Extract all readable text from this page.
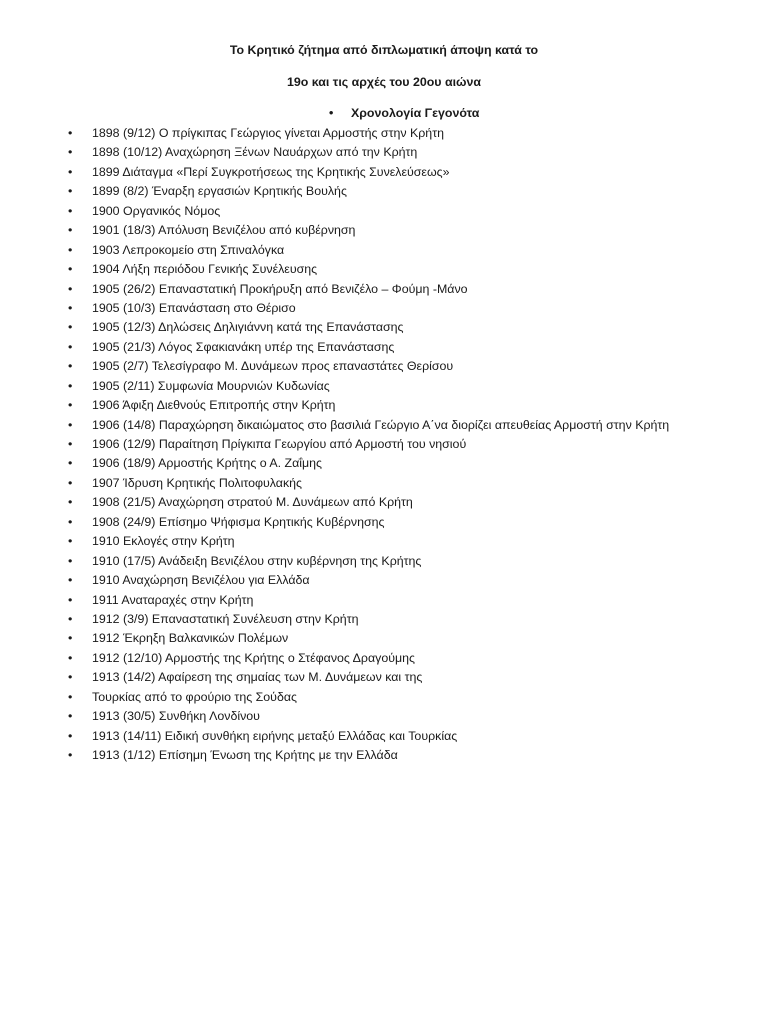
Το Κρητικό ζήτημα από διπλωματική άποψη κατά το
19ο και τις αρχές του 20ου αιώνα
• Χρονολογία Γεγονότα
• 1898 (9/12) Ο πρίγκιπας Γεώργιος γίνεται Αρμοστής στην Κρήτη
• 1898 (10/12) Αναχώρηση Ξένων Ναυάρχων από την Κρήτη
• 1899 Διάταγμα «Περί Συγκροτήσεως της Κρητικής Συνελεύσεως»
• 1899 (8/2) Έναρξη εργασιών Κρητικής Βουλής
• 1900 Οργανικός Νόμος
• 1901 (18/3) Απόλυση Βενιζέλου από κυβέρνηση
• 1903 Λεπροκομείο στη Σπιναλόγκα
• 1904 Λήξη περιόδου Γενικής Συνέλευσης
• 1905 (26/2) Επαναστατική Προκήρυξη από Βενιζέλο – Φούμη -Μάνο
• 1905 (10/3) Επανάσταση στο Θέρισο
• 1905 (12/3) Δηλώσεις Δηλιγιάννη κατά της Επανάστασης
• 1905 (21/3) Λόγος Σφακιανάκη υπέρ της Επανάστασης
• 1905 (2/7) Τελεσίγραφο Μ. Δυνάμεων προς επαναστάτες Θερίσου
• 1905 (2/11) Συμφωνία Μουρνιών Κυδωνίας
• 1906 Άφιξη Διεθνούς Επιτροπής στην Κρήτη
• 1906 (14/8) Παραχώρηση δικαιώματος στο βασιλιά Γεώργιο Α΄να διορίζει απευθείας Αρμοστή στην Κρήτη
• 1906 (12/9) Παραίτηση Πρίγκιπα Γεωργίου από Αρμοστή του νησιού
• 1906 (18/9) Αρμοστής Κρήτης ο Α. Ζαΐμης
• 1907 Ίδρυση Κρητικής Πολιτοφυλακής
• 1908 (21/5) Αναχώρηση στρατού Μ. Δυνάμεων από Κρήτη
• 1908 (24/9) Επίσημο Ψήφισμα Κρητικής Κυβέρνησης
• 1910 Εκλογές στην Κρήτη
• 1910 (17/5) Ανάδειξη Βενιζέλου στην κυβέρνηση της Κρήτης
• 1910 Αναχώρηση Βενιζέλου για Ελλάδα
• 1911 Αναταραχές στην Κρήτη
• 1912 (3/9) Επαναστατική Συνέλευση στην Κρήτη
• 1912 Έκρηξη Βαλκανικών Πολέμων
• 1912 (12/10) Αρμοστής της Κρήτης ο Στέφανος Δραγούμης
• 1913 (14/2) Αφαίρεση της σημαίας των Μ. Δυνάμεων και της
• Τουρκίας από το φρούριο της Σούδας
• 1913 (30/5) Συνθήκη Λονδίνου
• 1913 (14/11) Ειδική συνθήκη ειρήνης μεταξύ Ελλάδας και Τουρκίας
• 1913 (1/12) Επίσημη Ένωση της Κρήτης με την Ελλάδα
